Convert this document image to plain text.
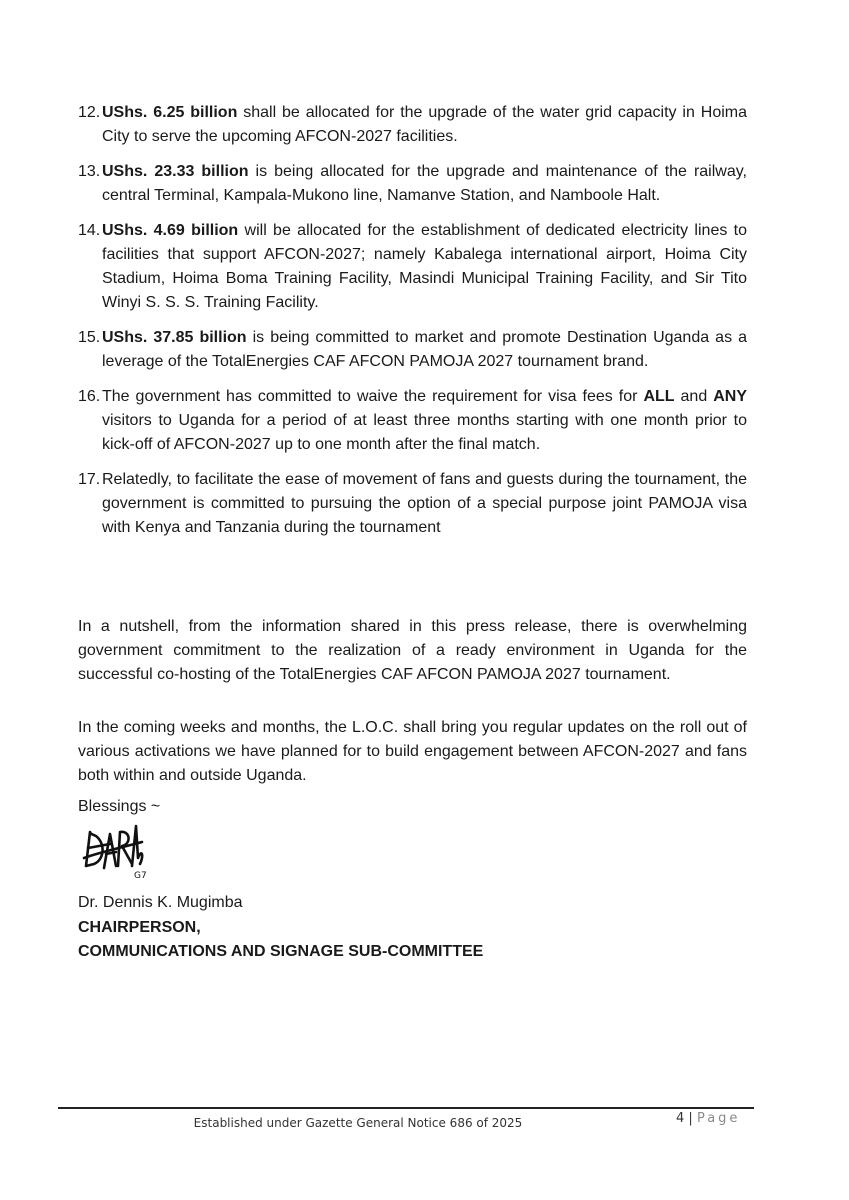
12. UShs. 6.25 billion shall be allocated for the upgrade of the water grid capacity in Hoima City to serve the upcoming AFCON-2027 facilities.
13. UShs. 23.33 billion is being allocated for the upgrade and maintenance of the railway, central Terminal, Kampala-Mukono line, Namanve Station, and Namboole Halt.
14. UShs. 4.69 billion will be allocated for the establishment of dedicated electricity lines to facilities that support AFCON-2027; namely Kabalega international airport, Hoima City Stadium, Hoima Boma Training Facility, Masindi Municipal Training Facility, and Sir Tito Winyi S. S. S. Training Facility.
15. UShs. 37.85 billion is being committed to market and promote Destination Uganda as a leverage of the TotalEnergies CAF AFCON PAMOJA 2027 tournament brand.
16. The government has committed to waive the requirement for visa fees for ALL and ANY visitors to Uganda for a period of at least three months starting with one month prior to kick-off of AFCON-2027 up to one month after the final match.
17. Relatedly, to facilitate the ease of movement of fans and guests during the tournament, the government is committed to pursuing the option of a special purpose joint PAMOJA visa with Kenya and Tanzania during the tournament

In a nutshell, from the information shared in this press release, there is overwhelming government commitment to the realization of a ready environment in Uganda for the successful co-hosting of the TotalEnergies CAF AFCON PAMOJA 2027 tournament.

In the coming weeks and months, the L.O.C. shall bring you regular updates on the roll out of various activations we have planned for to build engagement between AFCON-2027 and fans both within and outside Uganda.

Blessings ~

G7
Dr. Dennis K. Mugimba
CHAIRPERSON,
COMMUNICATIONS AND SIGNAGE SUB-COMMITTEE
Established under Gazette General Notice 686 of 2025	4 | Page
